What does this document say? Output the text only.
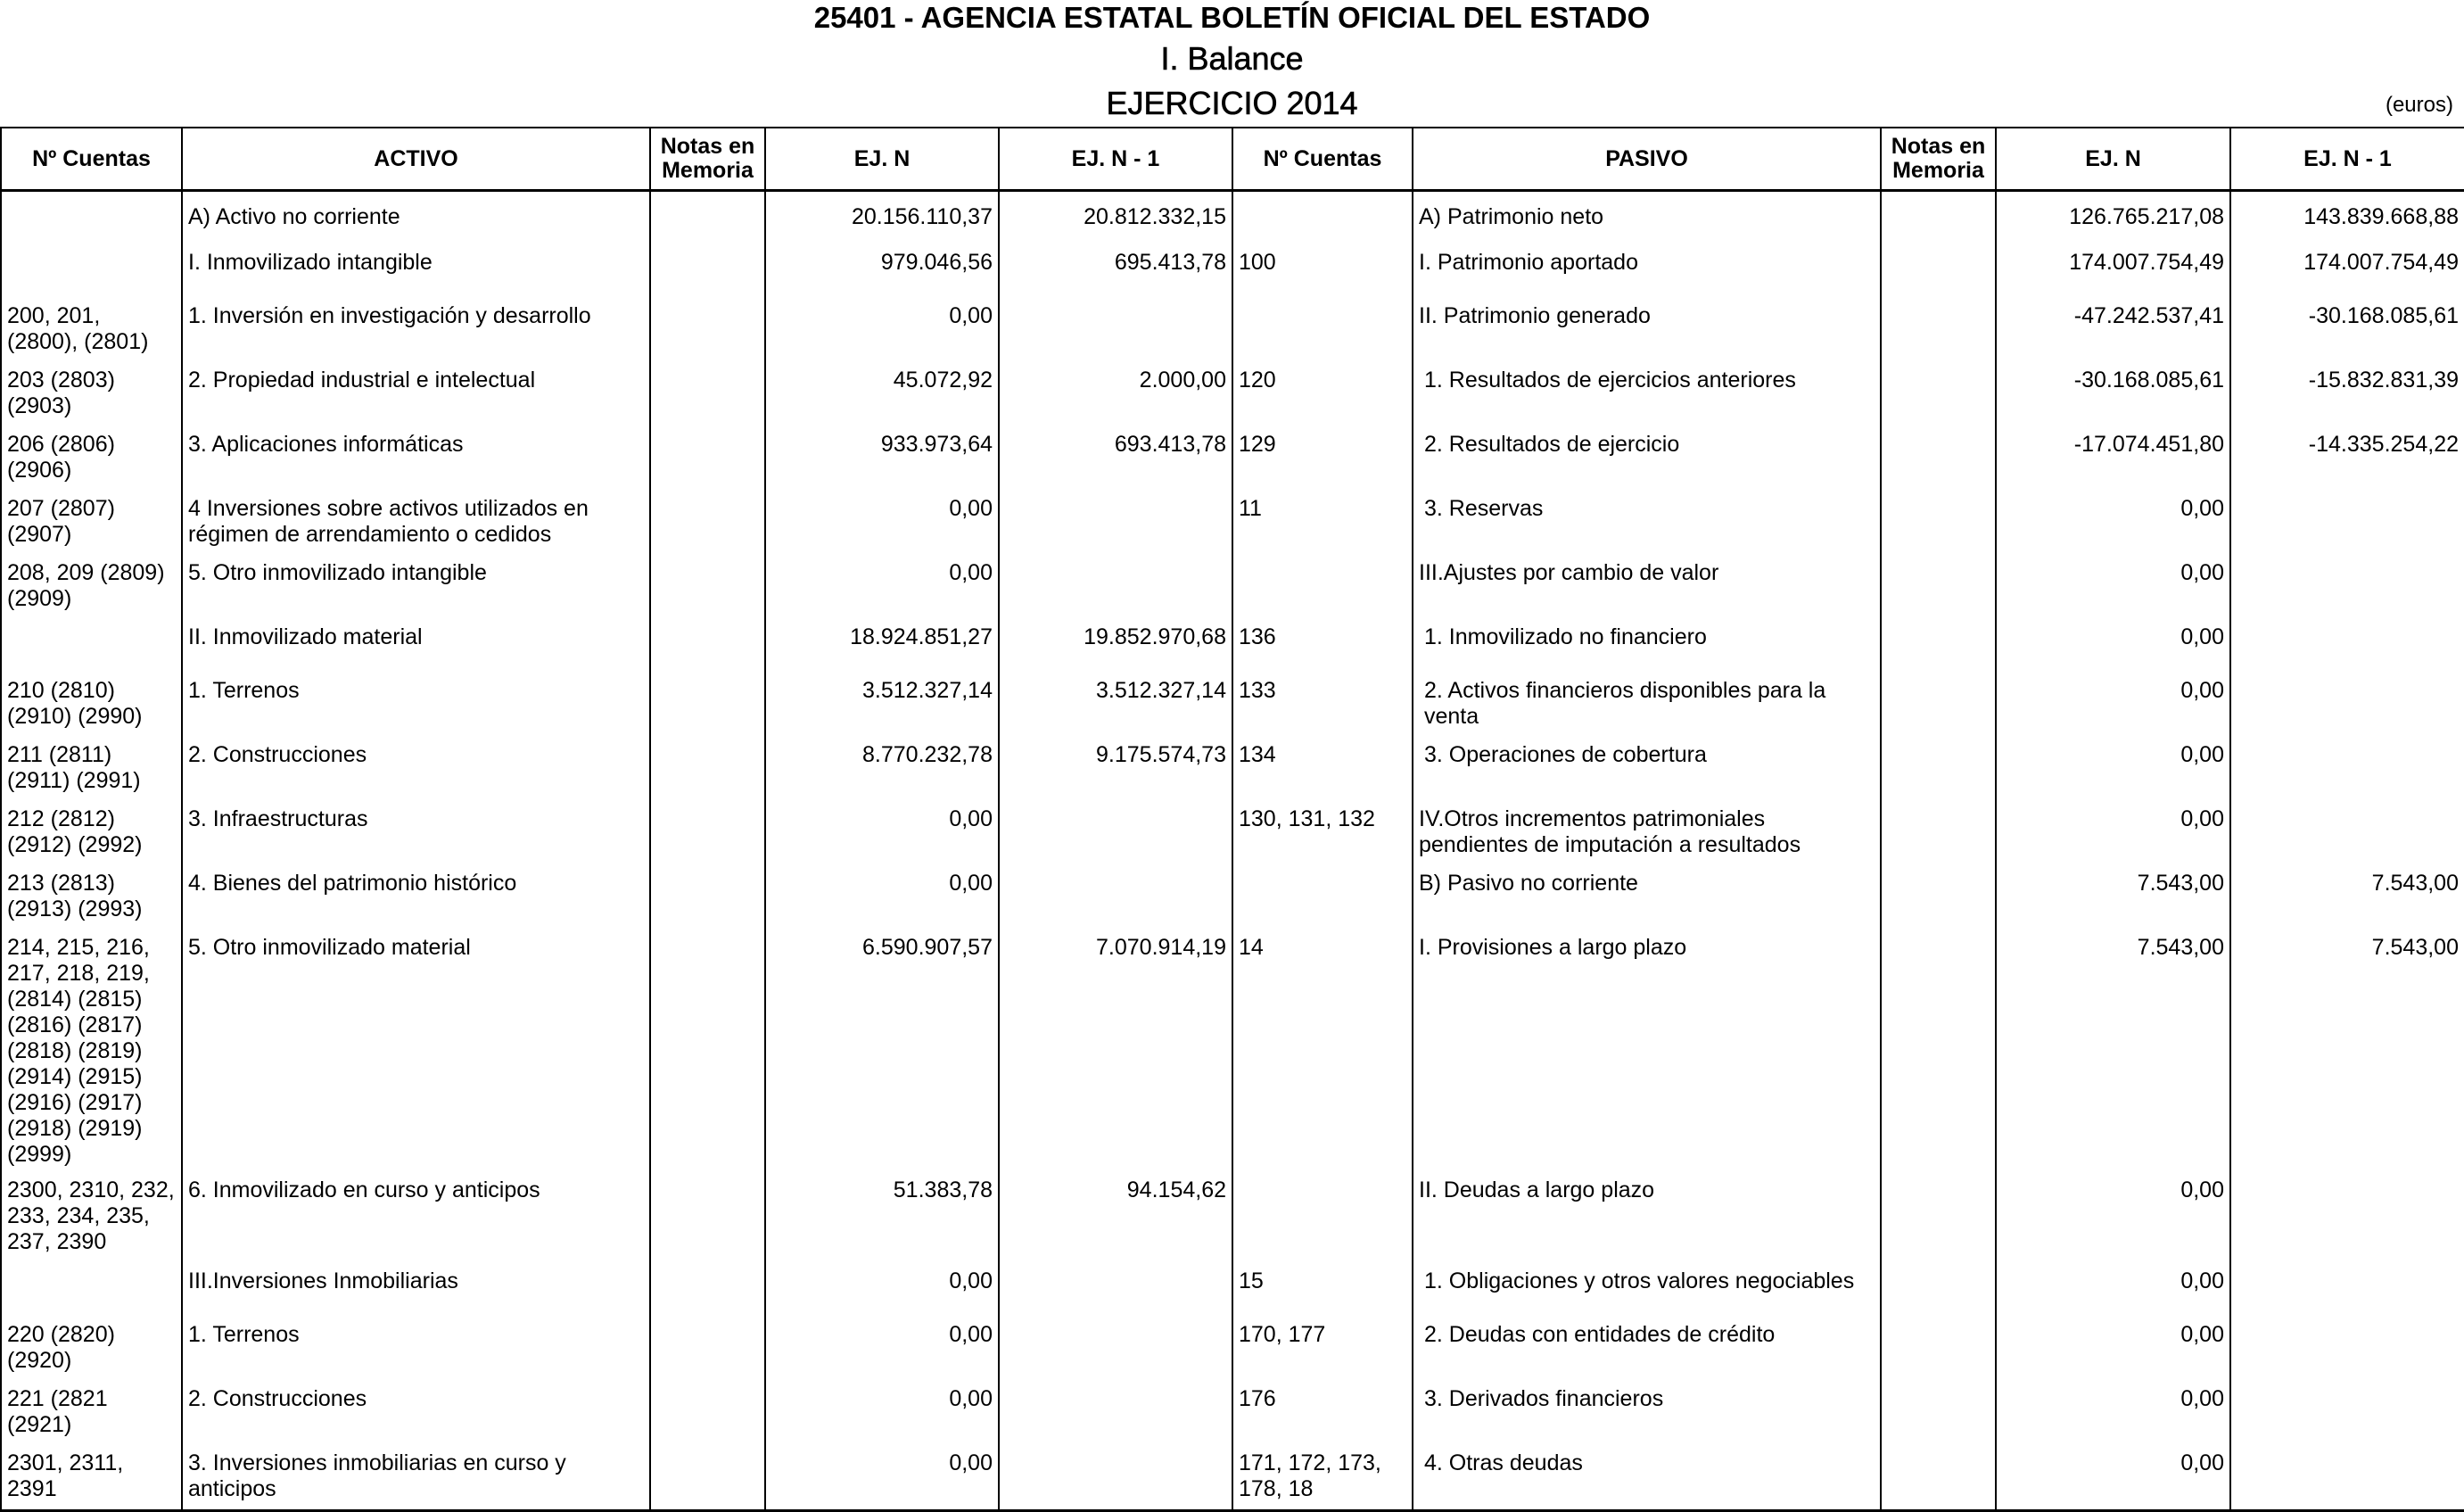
25401 - AGENCIA ESTATAL BOLETÍN OFICIAL DEL ESTADO
I. Balance
EJERCICIO 2014	(euros)
Nº Cuentas	ACTIVO	Notas en Memoria	EJ. N	EJ. N - 1	Nº Cuentas	PASIVO	Notas en Memoria	EJ. N	EJ. N - 1
	A) Activo no corriente		20.156.110,37	20.812.332,15		A) Patrimonio neto		126.765.217,08	143.839.668,88
	I. Inmovilizado intangible		979.046,56	695.413,78	100	I. Patrimonio aportado		174.007.754,49	174.007.754,49
200, 201, (2800), (2801)	1. Inversión en investigación y desarrollo		0,00			II. Patrimonio generado		-47.242.537,41	-30.168.085,61
203 (2803) (2903)	2. Propiedad industrial e intelectual		45.072,92	2.000,00	120	1. Resultados de ejercicios anteriores		-30.168.085,61	-15.832.831,39
206 (2806) (2906)	3. Aplicaciones informáticas		933.973,64	693.413,78	129	2. Resultados de ejercicio		-17.074.451,80	-14.335.254,22
207 (2807) (2907)	4 Inversiones sobre activos utilizados en régimen de arrendamiento o cedidos		0,00		11	3. Reservas		0,00	
208, 209 (2809) (2909)	5. Otro inmovilizado intangible		0,00			III.Ajustes por cambio de valor		0,00	
	II. Inmovilizado material		18.924.851,27	19.852.970,68	136	1. Inmovilizado no financiero		0,00	
210 (2810) (2910) (2990)	1. Terrenos		3.512.327,14	3.512.327,14	133	2. Activos financieros disponibles para la venta		0,00	
211 (2811) (2911) (2991)	2. Construcciones		8.770.232,78	9.175.574,73	134	3. Operaciones de cobertura		0,00	
212 (2812) (2912) (2992)	3. Infraestructuras		0,00		130, 131, 132	IV.Otros incrementos patrimoniales pendientes de imputación a resultados		0,00	
213 (2813) (2913) (2993)	4. Bienes del patrimonio histórico		0,00			B) Pasivo no corriente		7.543,00	7.543,00
214, 215, 216, 217, 218, 219, (2814) (2815) (2816) (2817) (2818) (2819) (2914) (2915) (2916) (2917) (2918) (2919) (2999)	5. Otro inmovilizado material		6.590.907,57	7.070.914,19	14	I. Provisiones a largo plazo		7.543,00	7.543,00
2300, 2310, 232, 233, 234, 235, 237, 2390	6. Inmovilizado en curso y anticipos		51.383,78	94.154,62		II. Deudas a largo plazo		0,00	
	III.Inversiones Inmobiliarias		0,00		15	1. Obligaciones y otros valores negociables		0,00	
220 (2820) (2920)	1. Terrenos		0,00		170, 177	2. Deudas con entidades de crédito		0,00	
221 (2821 (2921)	2. Construcciones		0,00		176	3. Derivados financieros		0,00	
2301, 2311, 2391	3. Inversiones inmobiliarias en curso y anticipos		0,00		171, 172, 173, 178, 18	4. Otras deudas		0,00	
